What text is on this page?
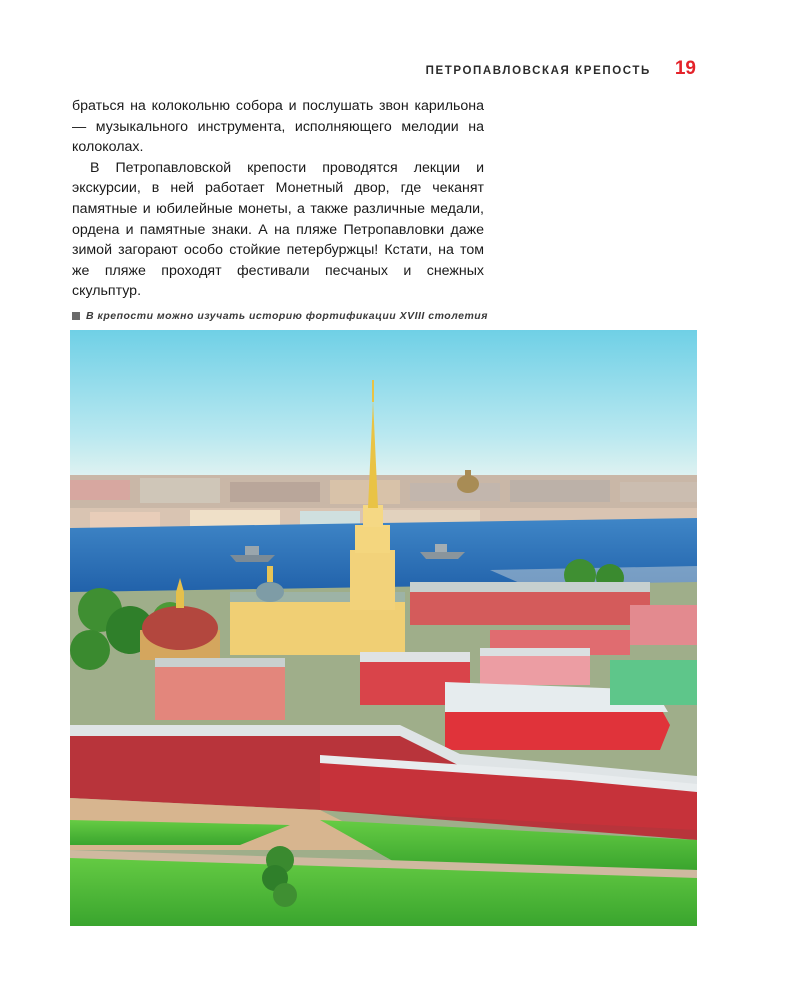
ПЕТРОПАВЛОВСКАЯ КРЕПОСТЬ 19

браться на колокольню собора и послушать звон карильона — музыкального инструмента, исполняющего мелодии на колоколах.

В Петропавловской крепости проводятся лекции и экскурсии, в ней работает Монетный двор, где чеканят памятные и юбилейные монеты, а также различные медали, ордена и памятные знаки. А на пляже Петропавловки даже зимой загорают особо стойкие петербуржцы! Кстати, на том же пляже проходят фестивали песчаных и снежных скульптур.

В крепости можно изучать историю фортификации XVIII столетия
